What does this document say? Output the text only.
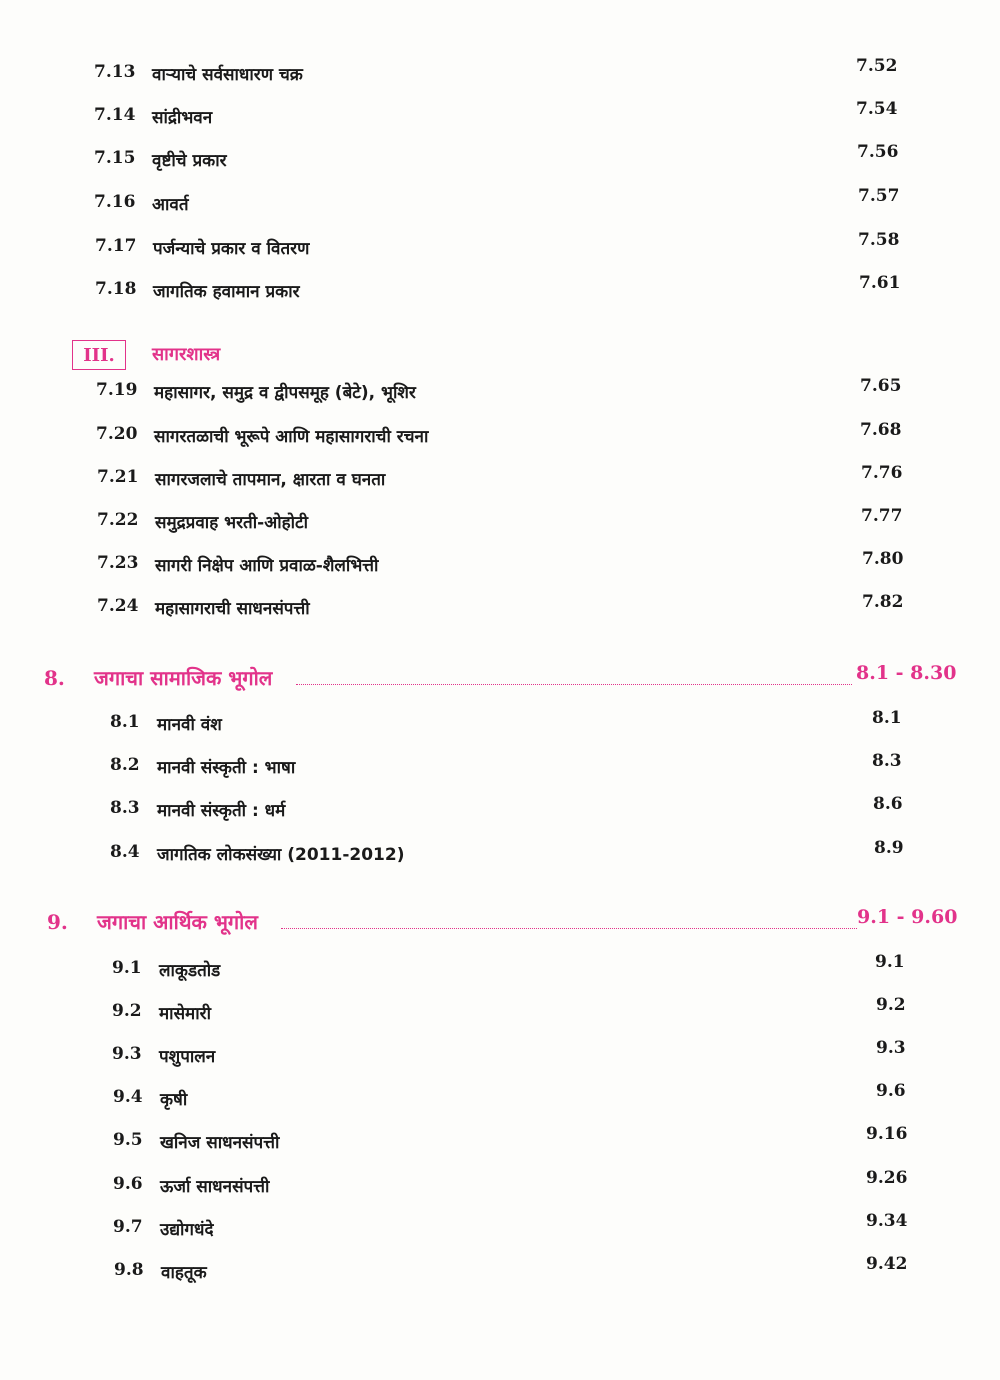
7.13 वाऱ्याचे सर्वसाधारण चक्र	7.52
7.14 सांद्रीभवन	7.54
7.15 वृष्टीचे प्रकार	7.56
7.16 आवर्त	7.57
7.17 पर्जन्याचे प्रकार व वितरण	7.58
7.18 जागतिक हवामान प्रकार	7.61
III.	सागरशास्त्र
7.19 महासागर, समुद्र व द्वीपसमूह (बेटे), भूशिर	7.65
7.20 सागरतळाची भूरूपे आणि महासागराची रचना	7.68
7.21 सागरजलाचे तापमान, क्षारता व घनता	7.76
7.22 समुद्रप्रवाह भरती-ओहोटी	7.77
7.23 सागरी निक्षेप आणि प्रवाळ-शैलभित्ती	7.80
7.24 महासागराची साधनसंपत्ती	7.82
8. जगाचा सामाजिक भूगोल	8.1 - 8.30
8.1 मानवी वंश	8.1
8.2 मानवी संस्कृती : भाषा	8.3
8.3 मानवी संस्कृती : धर्म	8.6
8.4 जागतिक लोकसंख्या (2011-2012)	8.9
9. जगाचा आर्थिक भूगोल	9.1 - 9.60
9.1 लाकूडतोड	9.1
9.2 मासेमारी	9.2
9.3 पशुपालन	9.3
9.4 कृषी	9.6
9.5 खनिज साधनसंपत्ती	9.16
9.6 ऊर्जा साधनसंपत्ती	9.26
9.7 उद्योगधंदे	9.34
9.8 वाहतूक	9.42
